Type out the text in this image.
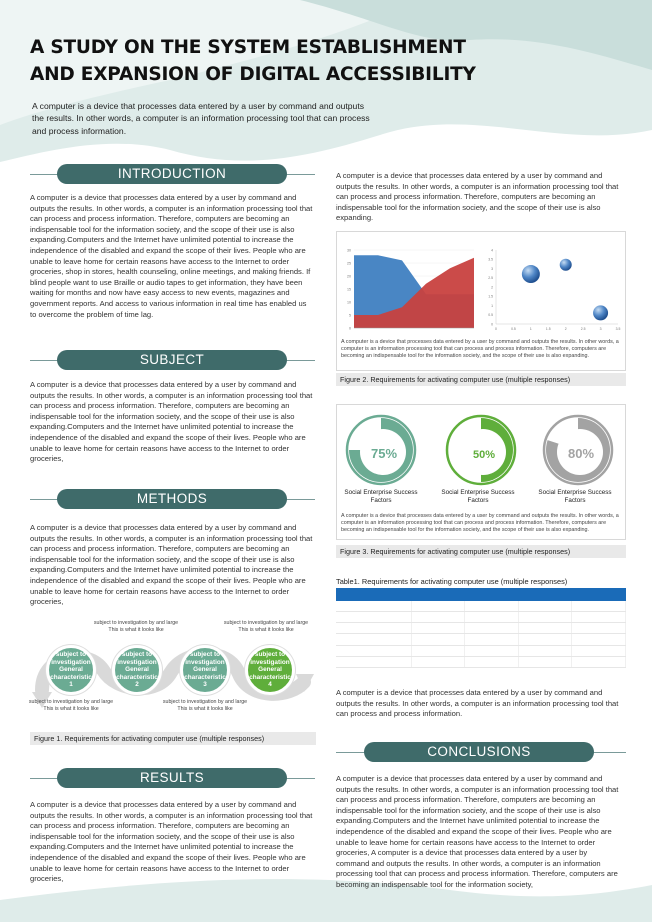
A STUDY ON THE SYSTEM ESTABLISHMENT AND EXPANSION OF DIGITAL ACCESSIBILITY
A computer is a device that processes data entered by a user by command and outputs the results. In other words, a computer is an information processing tool that can process and process information.
INTRODUCTION
A computer is a device that processes data entered by a user by command and outputs the results. In other words, a computer is an information processing tool that can process and process information. Therefore, computers are becoming an indispensable tool for the information society, and the scope of their use is also expanding.Computers and the Internet have unlimited potential to increase the independence of the disabled and expand the scope of their lives. People who are unable to leave home for certain reasons have access to the Internet to order groceries, shop in stores, health counseling, online meetings, and making friends. If blind people want to use Braille or audio tapes to get information, they have been waiting for months and now have easy access to new events, magazines and government reports. And access to various information in real time has enabled us to overcome the problem of time lag.
SUBJECT
A computer is a device that processes data entered by a user by command and outputs the results. In other words, a computer is an information processing tool that can process and process information. Therefore, computers are becoming an indispensable tool for the information society, and the scope of their use is also expanding.Computers and the Internet have unlimited potential to increase the independence of the disabled and expand the scope of their lives. People who are unable to leave home for certain reasons have access to the Internet to order groceries,
METHODS
A computer is a device that processes data entered by a user by command and outputs the results. In other words, a computer is an information processing tool that can process and process information. Therefore, computers are becoming an indispensable tool for the information society, and the scope of their use is also expanding.Computers and the Internet have unlimited potential to increase the independence of the disabled and expand the scope of their lives. People who are unable to leave home for certain reasons have access to the Internet to order groceries,
subject to investigation by and large This is what it looks like
subject to investigation by and large This is what it looks like
subject to investigation by and large This is what it looks like
subject to investigation by and large This is what it looks like
subject to investigation General characteristic 1
subject to investigation General characteristic 2
subject to investigation General characteristic 3
subject to investigation General characteristic 4
Figure 1. Requirements for activating computer use (multiple responses)
RESULTS
A computer is a device that processes data entered by a user by command and outputs the results. In other words, a computer is an information processing tool that can process and process information. Therefore, computers are becoming an indispensable tool for the information society, and the scope of their use is also expanding.Computers and the Internet have unlimited potential to increase the independence of the disabled and expand the scope of their lives. People who are unable to leave home for certain reasons have access to the Internet to order groceries,
A computer is a device that processes data entered by a user by command and outputs the results. In other words, a computer is an information processing tool that can process and process information. Therefore, computers are becoming an indispensable tool for the information society, and the scope of their use is also expanding.
0
5
10
15
20
25
30
0
0.5
1
1.5
2
2.5
3
3.5
4
0	0.5	1	1.5	2	2.5	3	3.5
A computer is a device that processes data entered by a user by command and outputs the results. In other words, a computer is an information processing tool that can process and process information. Therefore, computers are becoming an indispensable tool for the information society, and the scope of their use is also expanding.
Figure 2. Requirements for activating computer use (multiple responses)
75%	50%	80%
Social Enterprise Success Factors
Social Enterprise Success Factors
Social Enterprise Success Factors
A computer is a device that processes data entered by a user by command and outputs the results. In other words, a computer is an information processing tool that can process and process information. Therefore, computers are becoming an indispensable tool for the information society, and the scope of their use is also expanding.
Figure 3. Requirements for activating computer use (multiple responses)
Table1. Requirements for activating computer use (multiple responses)

A computer is a device that processes data entered by a user by command and outputs the results. In other words, a computer is an information processing tool that can process and process information.
CONCLUSIONS
A computer is a device that processes data entered by a user by command and outputs the results. In other words, a computer is an information processing tool that can process and process information. Therefore, computers are becoming an indispensable tool for the information society, and the scope of their use is also expanding.Computers and the Internet have unlimited potential to increase the independence of the disabled and expand the scope of their lives. People who are unable to leave home for certain reasons have access to the Internet to order groceries, A computer is a device that processes data entered by a user by command and outputs the results. In other words, a computer is an information processing tool that can process and process information. Therefore, computers are becoming an indispensable tool for the information society,
